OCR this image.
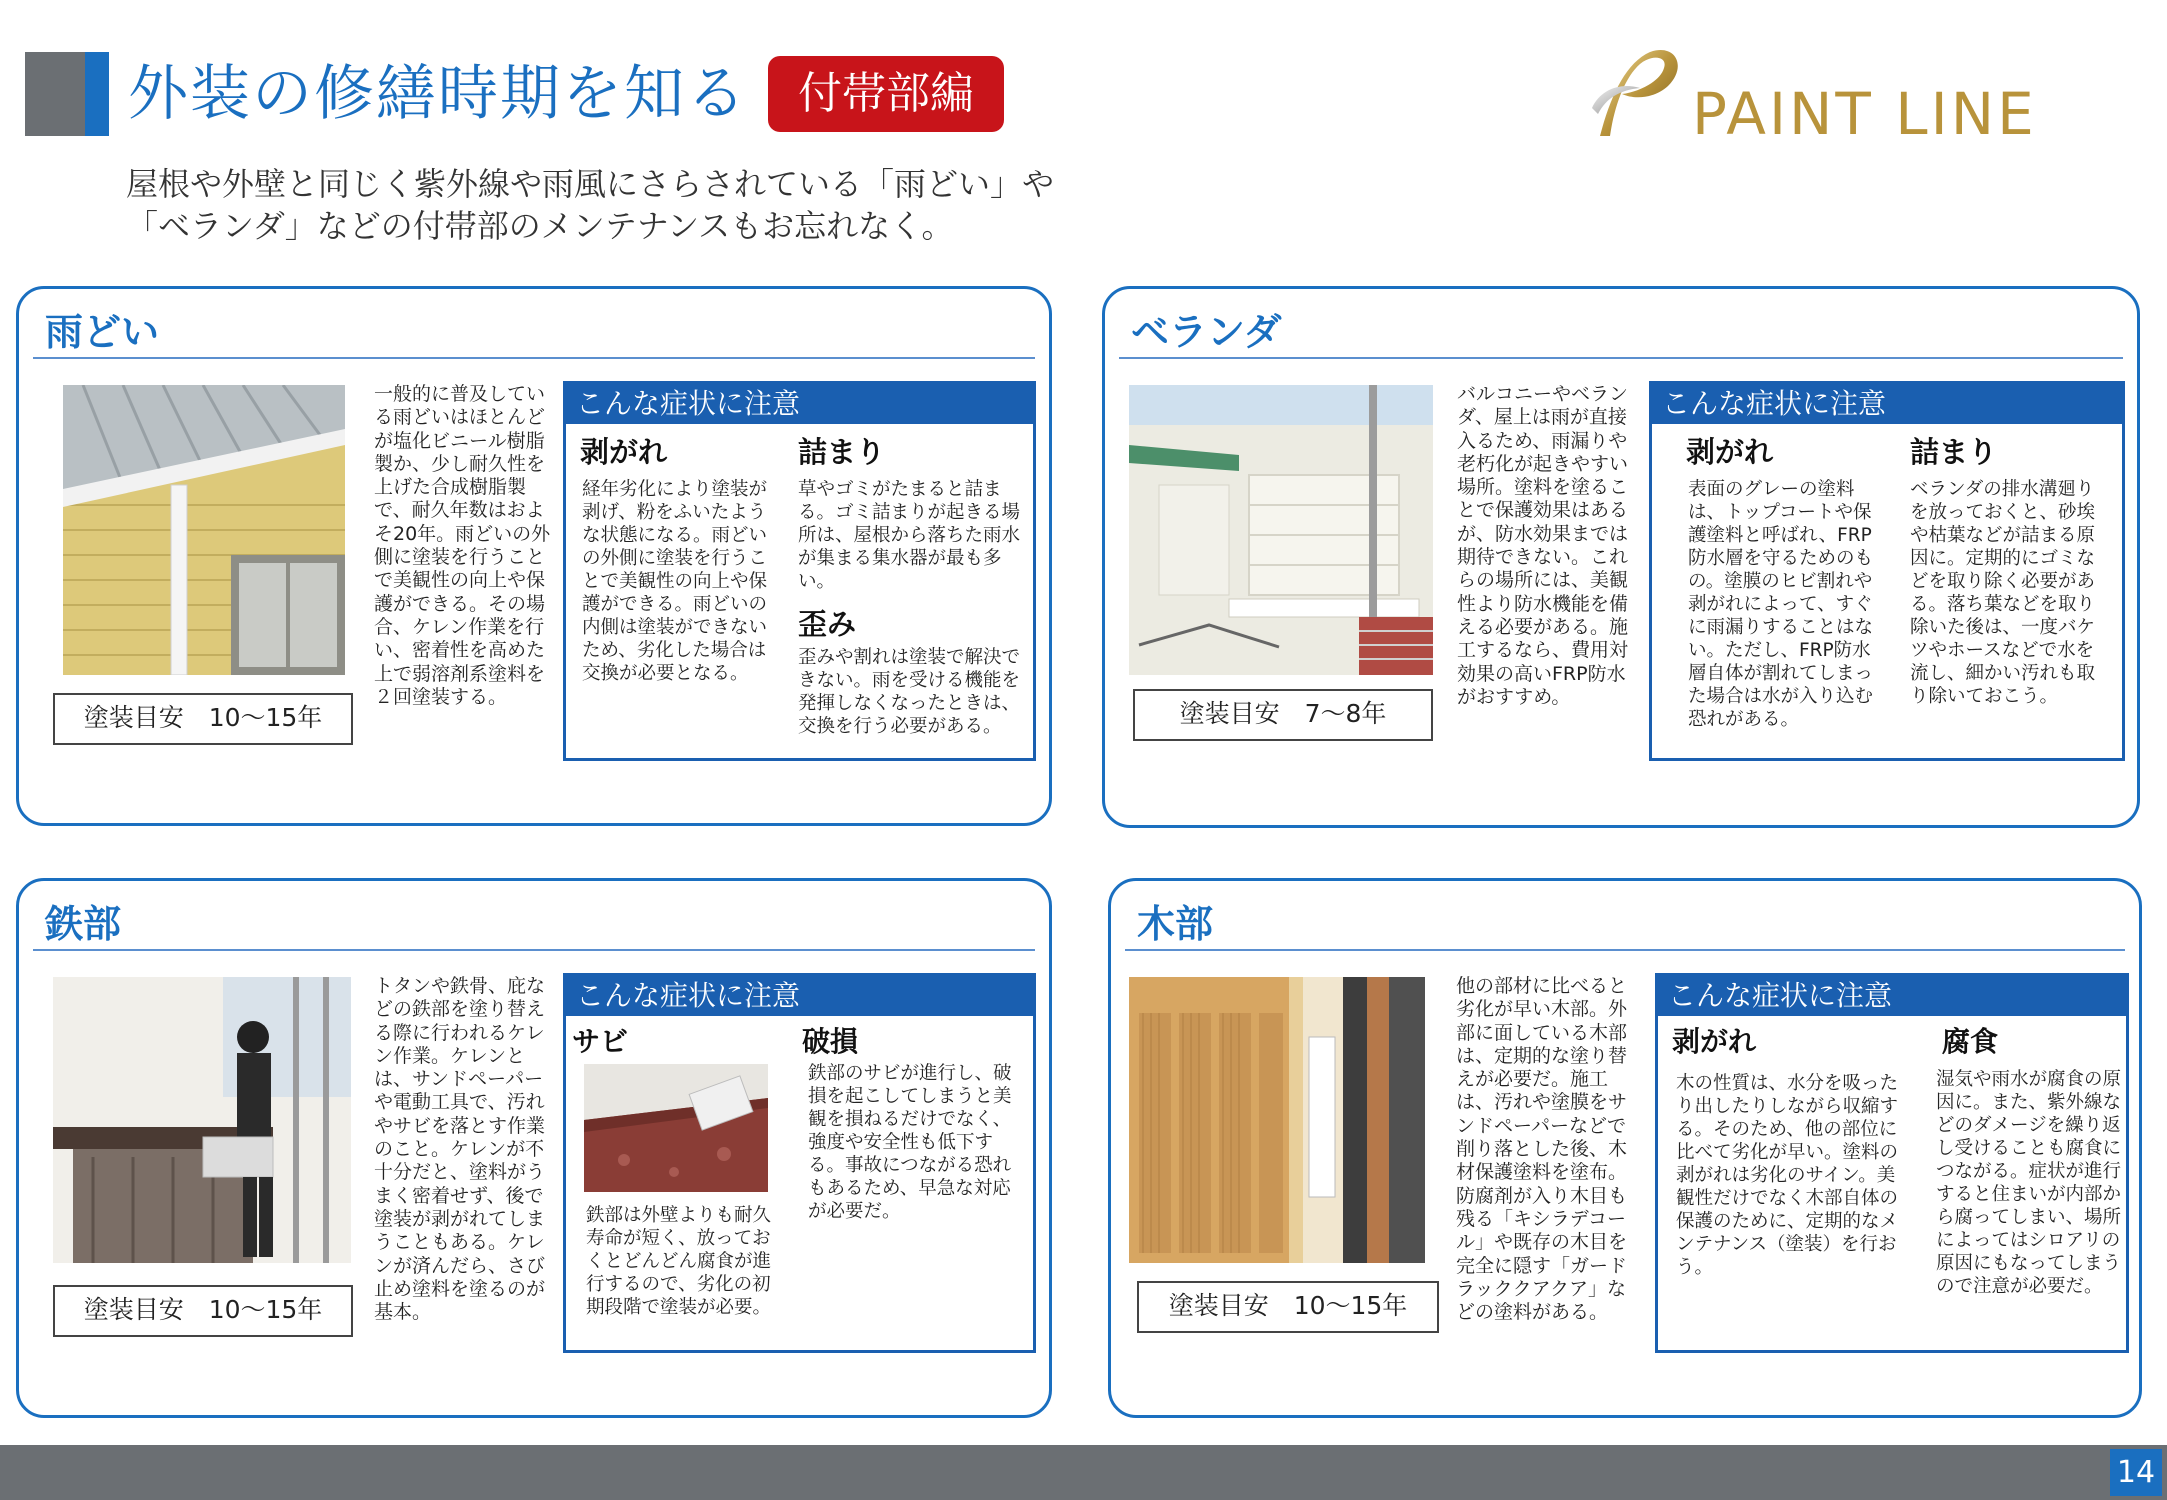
外装の修繕時期を知る	付帯部編	PAINT LINE

屋根や外壁と同じく紫外線や雨風にさらされている「雨どい」や

「ベランダ」などの付帯部のメンテナンスもお忘れなく。

雨どい
塗装目安　10～15年
一般的に普及している雨どいはほとんどが塩化ビニール樹脂製か、少し耐久性を上げた合成樹脂製で、耐久年数はおよそ20年。雨どいの外側に塗装を行うことで美観性の向上や保護ができる。その場合、ケレン作業を行い、密着性を高めた上で弱溶剤系塗料を２回塗装する。
こんな症状に注意
剥がれ
経年劣化により塗装が剥げ、粉をふいたような状態になる。雨どいの外側に塗装を行うことで美観性の向上や保護ができる。雨どいの内側は塗装ができないため、劣化した場合は交換が必要となる。
詰まり
草やゴミがたまると詰まる。ゴミ詰まりが起きる場所は、屋根から落ちた雨水が集まる集水器が最も多い。
歪み
歪みや割れは塗装で解決できない。雨を受ける機能を発揮しなくなったときは、交換を行う必要がある。
ベランダ
塗装目安　7～8年
バルコニーやベランダ、屋上は雨が直接入るため、雨漏りや老朽化が起きやすい場所。塗料を塗ることで保護効果はあるが、防水効果までは期待できない。これらの場所には、美観性より防水機能を備える必要がある。施工するなら、費用対効果の高いFRP防水がおすすめ。
こんな症状に注意
剥がれ
表面のグレーの塗料は、トップコートや保護塗料と呼ばれ、FRP防水層を守るためのもの。塗膜のヒビ割れや剥がれによって、すぐに雨漏りすることはない。ただし、FRP防水層自体が割れてしまった場合は水が入り込む恐れがある。
詰まり
ベランダの排水溝廻りを放っておくと、砂埃や枯葉などが詰まる原因に。定期的にゴミなどを取り除く必要がある。落ち葉などを取り除いた後は、一度バケツやホースなどで水を流し、細かい汚れも取り除いておこう。
鉄部
塗装目安　10～15年
トタンや鉄骨、庇などの鉄部を塗り替える際に行われるケレン作業。ケレンとは、サンドペーパーや電動工具で、汚れやサビを落とす作業のこと。ケレンが不十分だと、塗料がうまく密着せず、後で塗装が剥がれてしまうこともある。ケレンが済んだら、さび止め塗料を塗るのが基本。
こんな症状に注意
サビ
鉄部は外壁よりも耐久寿命が短く、放っておくとどんどん腐食が進行するので、劣化の初期段階で塗装が必要。
破損
鉄部のサビが進行し、破損を起こしてしまうと美観を損ねるだけでなく、強度や安全性も低下する。事故につながる恐れもあるため、早急な対応が必要だ。
木部
塗装目安　10～15年
他の部材に比べると劣化が早い木部。外部に面している木部は、定期的な塗り替えが必要だ。施工は、汚れや塗膜をサンドペーパーなどで削り落とした後、木材保護塗料を塗布。防腐剤が入り木目も残る「キシラデコール」や既存の木目を完全に隠す「ガードラッククアクア」などの塗料がある。
こんな症状に注意
剥がれ
木の性質は、水分を吸ったり出したりしながら収縮する。そのため、他の部位に比べて劣化が早い。塗料の剥がれは劣化のサイン。美観性だけでなく木部自体の保護のために、定期的なメンテナンス（塗装）を行おう。
腐食
湿気や雨水が腐食の原因に。また、紫外線などのダメージを繰り返し受けることも腐食につながる。症状が進行すると住まいが内部から腐ってしまい、場所によってはシロアリの原因にもなってしまうので注意が必要だ。
14
